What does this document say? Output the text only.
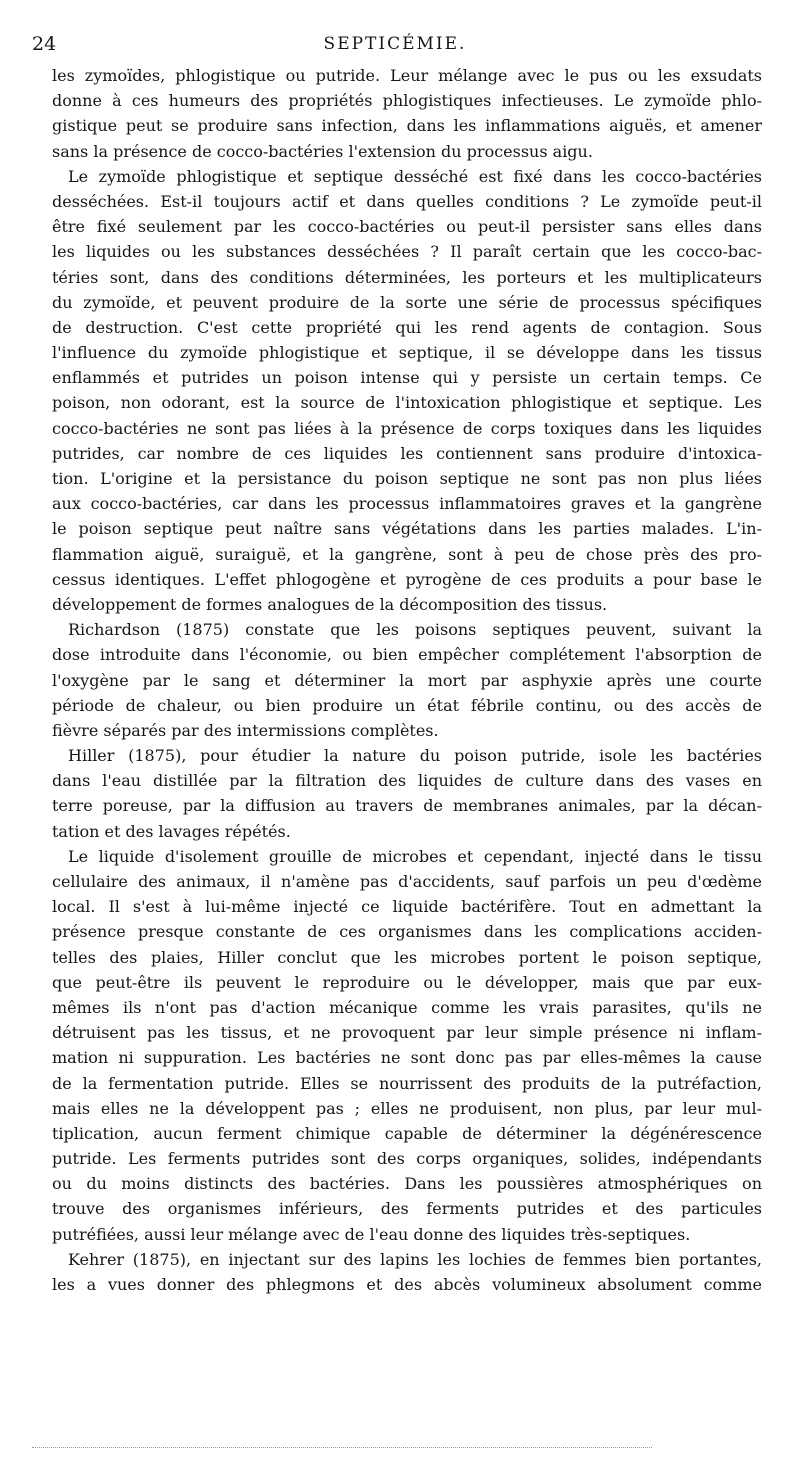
24	SEPTICÉMIE.
les zymoïdes, phlogistique ou putride. Leur mélange avec le pus ou les exsudats
donne à ces humeurs des propriétés phlogistiques infectieuses. Le zymoïde phlo-
gistique peut se produire sans infection, dans les inflammations aiguës, et amener
sans la présence de cocco-bactéries l'extension du processus aigu.
Le zymoïde phlogistique et septique desséché est fixé dans les cocco-bactéries
desséchées. Est-il toujours actif et dans quelles conditions ? Le zymoïde peut-il
être fixé seulement par les cocco-bactéries ou peut-il persister sans elles dans
les liquides ou les substances desséchées ? Il paraît certain que les cocco-bac-
téries sont, dans des conditions déterminées, les porteurs et les multiplicateurs
du zymoïde, et peuvent produire de la sorte une série de processus spécifiques
de destruction. C'est cette propriété qui les rend agents de contagion. Sous
l'influence du zymoïde phlogistique et septique, il se développe dans les tissus
enflammés et putrides un poison intense qui y persiste un certain temps. Ce
poison, non odorant, est la source de l'intoxication phlogistique et septique. Les
cocco-bactéries ne sont pas liées à la présence de corps toxiques dans les liquides
putrides, car nombre de ces liquides les contiennent sans produire d'intoxica-
tion. L'origine et la persistance du poison septique ne sont pas non plus liées
aux cocco-bactéries, car dans les processus inflammatoires graves et la gangrène
le poison septique peut naître sans végétations dans les parties malades. L'in-
flammation aiguë, suraiguë, et la gangrène, sont à peu de chose près des pro-
cessus identiques. L'effet phlogogène et pyrogène de ces produits a pour base le
développement de formes analogues de la décomposition des tissus.
Richardson (1875) constate que les poisons septiques peuvent, suivant la
dose introduite dans l'économie, ou bien empêcher complétement l'absorption de
l'oxygène par le sang et déterminer la mort par asphyxie après une courte
période de chaleur, ou bien produire un état fébrile continu, ou des accès de
fièvre séparés par des intermissions complètes.
Hiller (1875), pour étudier la nature du poison putride, isole les bactéries
dans l'eau distillée par la filtration des liquides de culture dans des vases en
terre poreuse, par la diffusion au travers de membranes animales, par la décan-
tation et des lavages répétés.
Le liquide d'isolement grouille de microbes et cependant, injecté dans le tissu
cellulaire des animaux, il n'amène pas d'accidents, sauf parfois un peu d'œdème
local. Il s'est à lui-même injecté ce liquide bactérifère. Tout en admettant la
présence presque constante de ces organismes dans les complications acciden-
telles des plaies, Hiller conclut que les microbes portent le poison septique,
que peut-être ils peuvent le reproduire ou le développer, mais que par eux-
mêmes ils n'ont pas d'action mécanique comme les vrais parasites, qu'ils ne
détruisent pas les tissus, et ne provoquent par leur simple présence ni inflam-
mation ni suppuration. Les bactéries ne sont donc pas par elles-mêmes la cause
de la fermentation putride. Elles se nourrissent des produits de la putréfaction,
mais elles ne la développent pas ; elles ne produisent, non plus, par leur mul-
tiplication, aucun ferment chimique capable de déterminer la dégénérescence
putride. Les ferments putrides sont des corps organiques, solides, indépendants
ou du moins distincts des bactéries. Dans les poussières atmosphériques on
trouve des organismes inférieurs, des ferments putrides et des particules
putréfiées, aussi leur mélange avec de l'eau donne des liquides très-septiques.
Kehrer (1875), en injectant sur des lapins les lochies de femmes bien portantes,
les a vues donner des phlegmons et des abcès volumineux absolument comme
